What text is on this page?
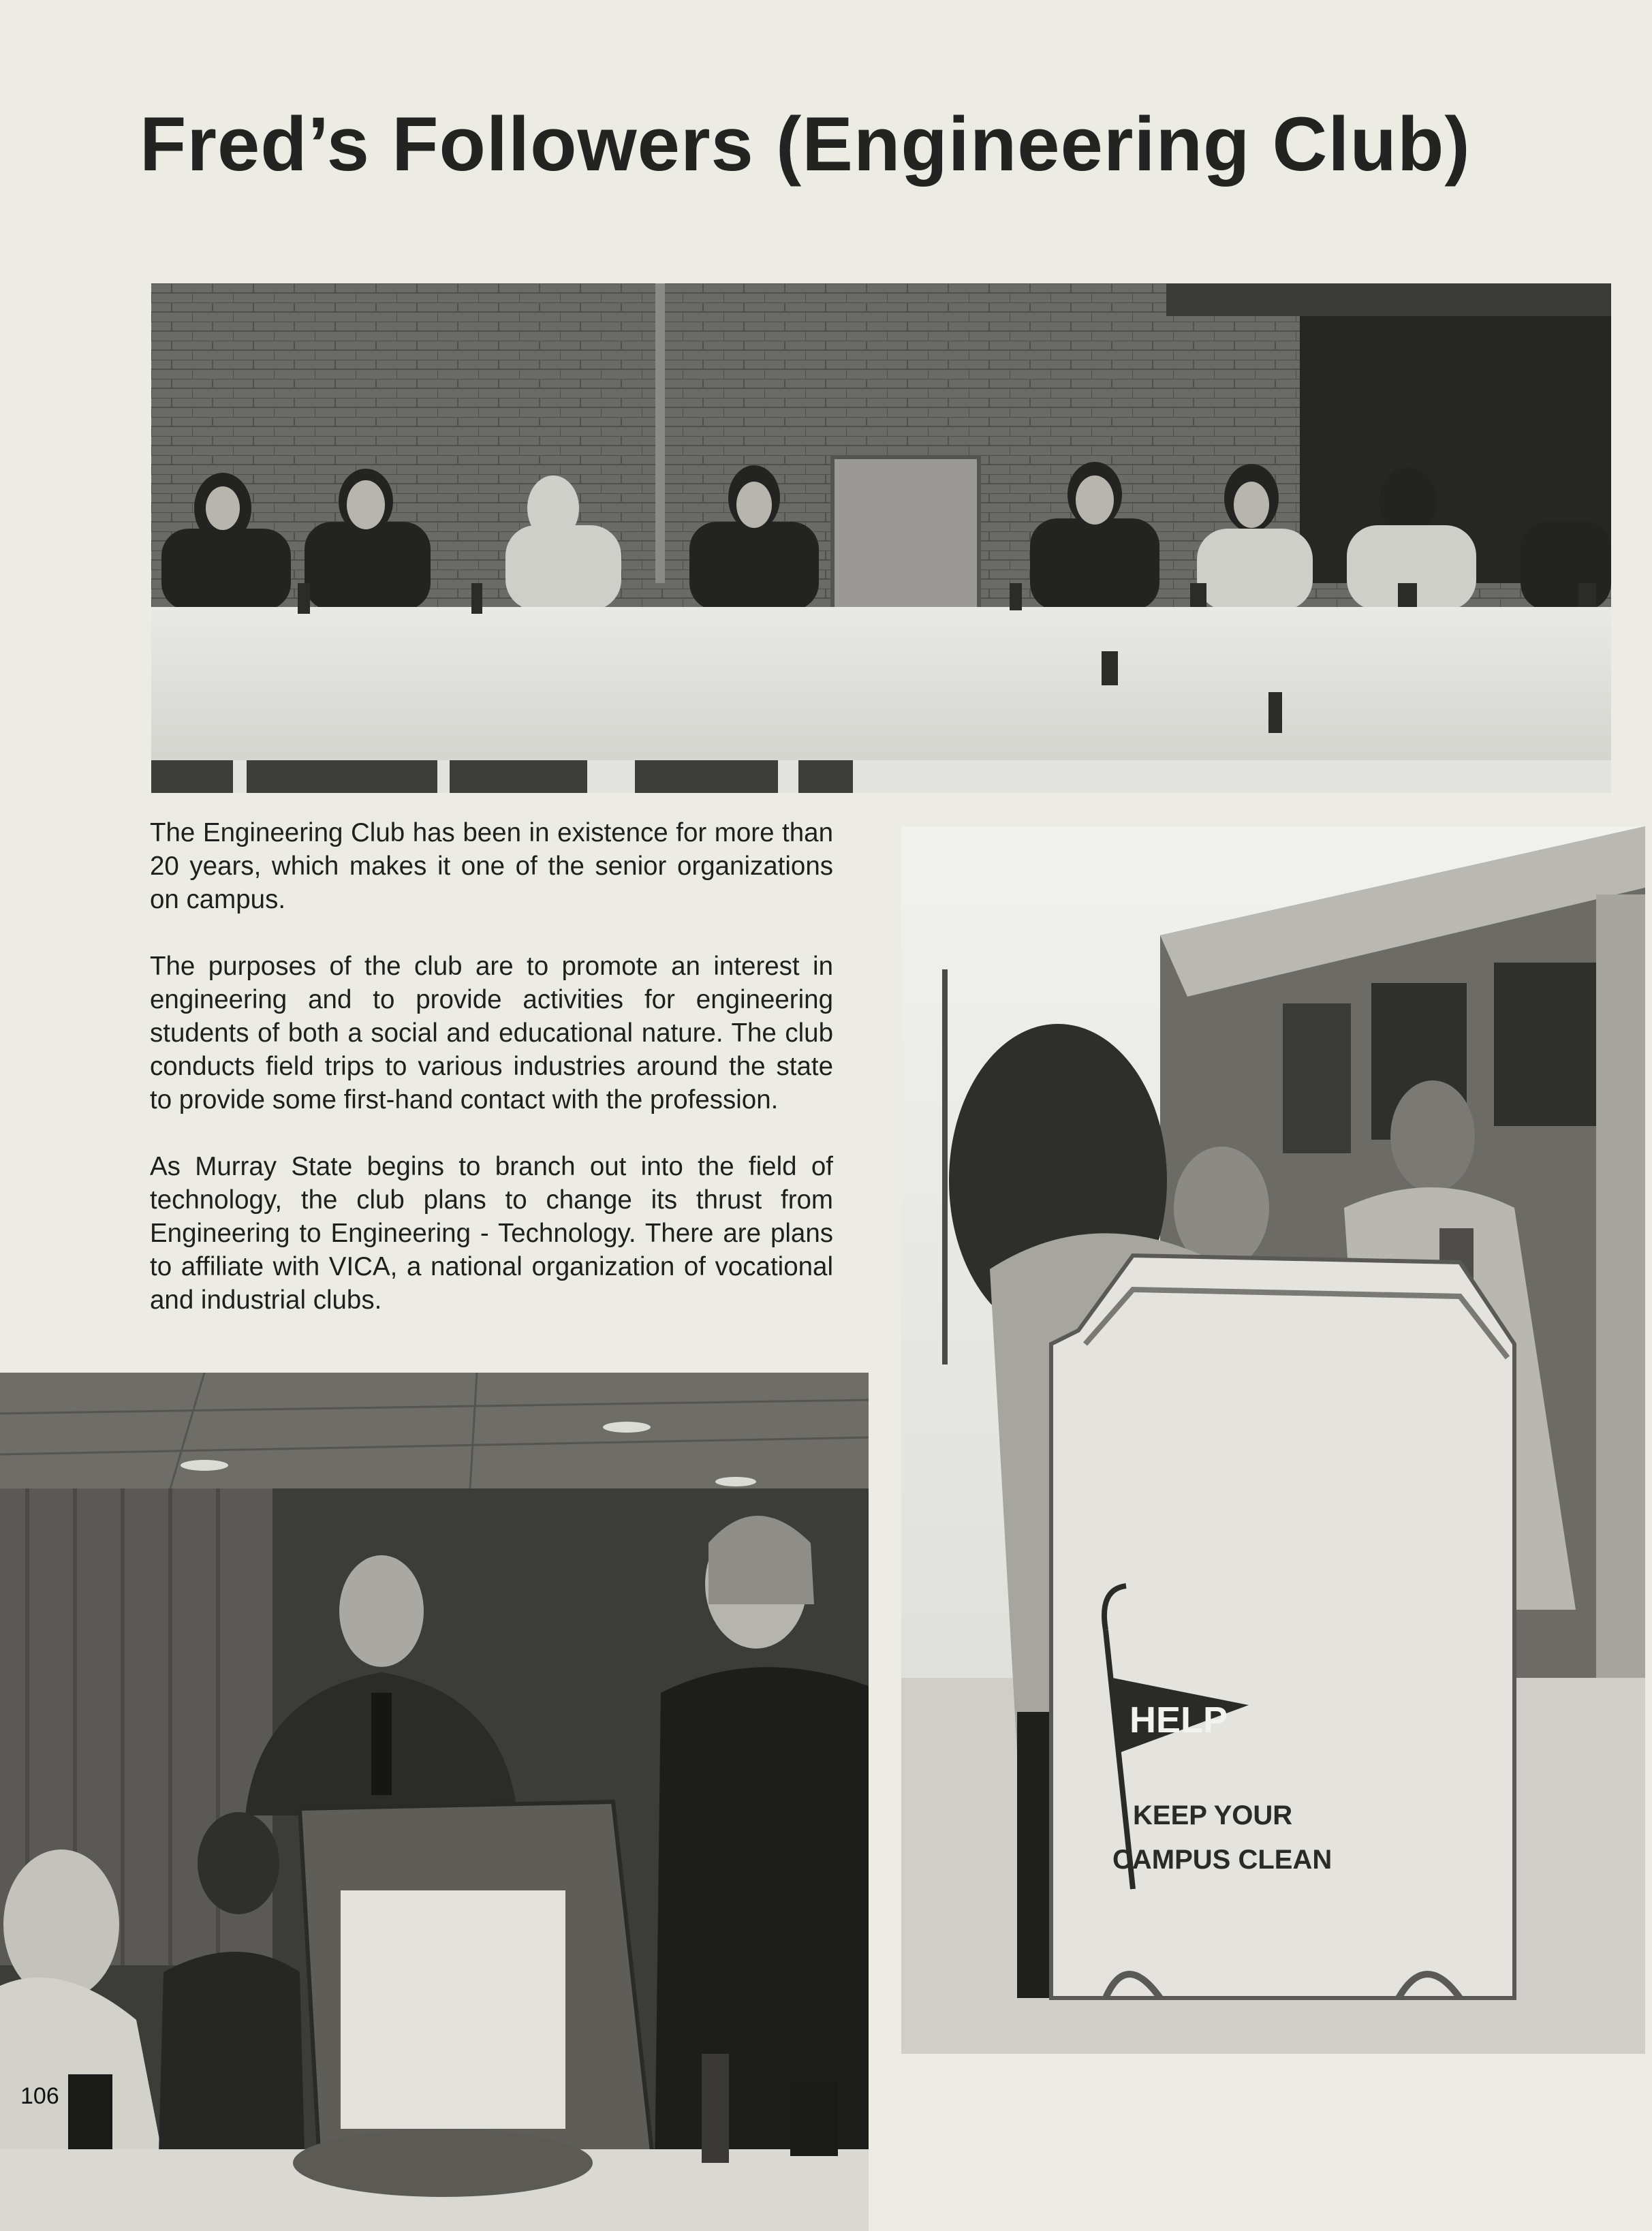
Fred’s Followers (Engineering Club)

The Engineering Club has been in existence for more than 20 years, which makes it one of the senior organizations on campus.

The purposes of the club are to promote an interest in engineering and to provide activities for engineering students of both a social and educational nature. The club conducts field trips to various industries around the state to provide some first-hand contact with the profession.

As Murray State begins to branch out into the field of technology, the club plans to change its thrust from Engineering to Engineering - Technology. There are plans to affiliate with VICA, a national organization of vocational and industrial clubs.

HELP
KEEP YOUR
CAMPUS CLEAN
106
